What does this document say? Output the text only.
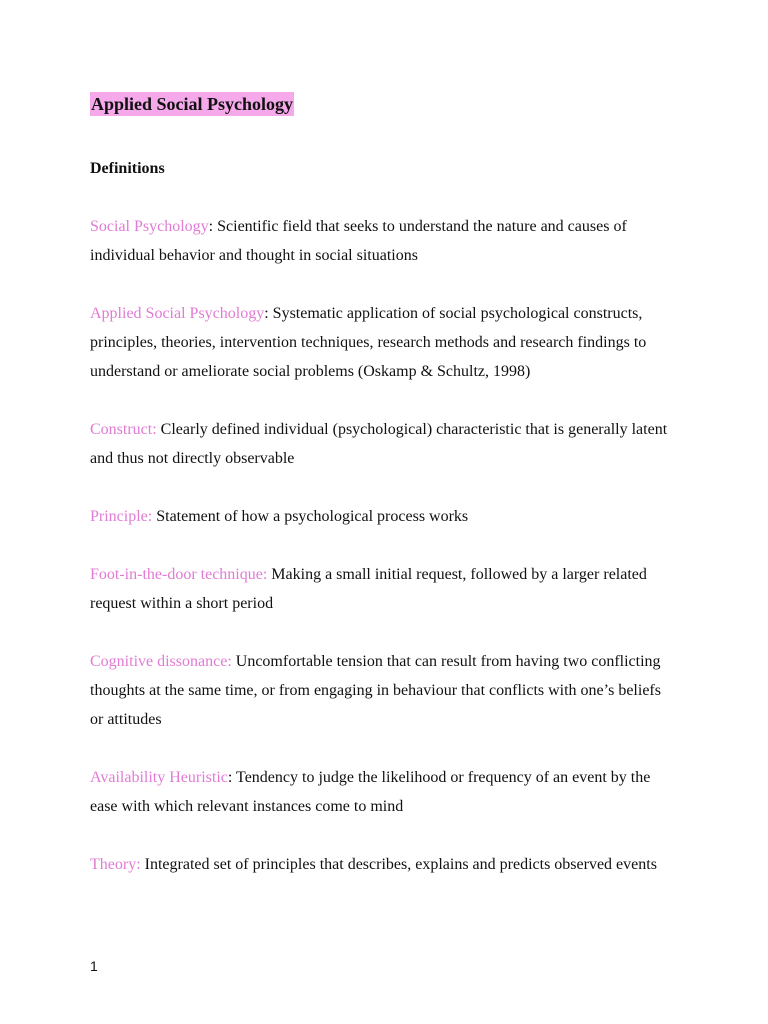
Applied Social Psychology
Definitions

Social Psychology: Scientific field that seeks to understand the nature and causes of individual behavior and thought in social situations

Applied Social Psychology: Systematic application of social psychological constructs, principles, theories, intervention techniques, research methods and research findings to understand or ameliorate social problems (Oskamp & Schultz, 1998)

Construct: Clearly defined individual (psychological) characteristic that is generally latent and thus not directly observable

Principle: Statement of how a psychological process works

Foot-in-the-door technique: Making a small initial request, followed by a larger related request within a short period

Cognitive dissonance: Uncomfortable tension that can result from having two conflicting thoughts at the same time, or from engaging in behaviour that conflicts with one’s beliefs or attitudes

Availability Heuristic: Tendency to judge the likelihood or frequency of an event by the ease with which relevant instances come to mind

Theory: Integrated set of principles that describes, explains and predicts observed events

1
